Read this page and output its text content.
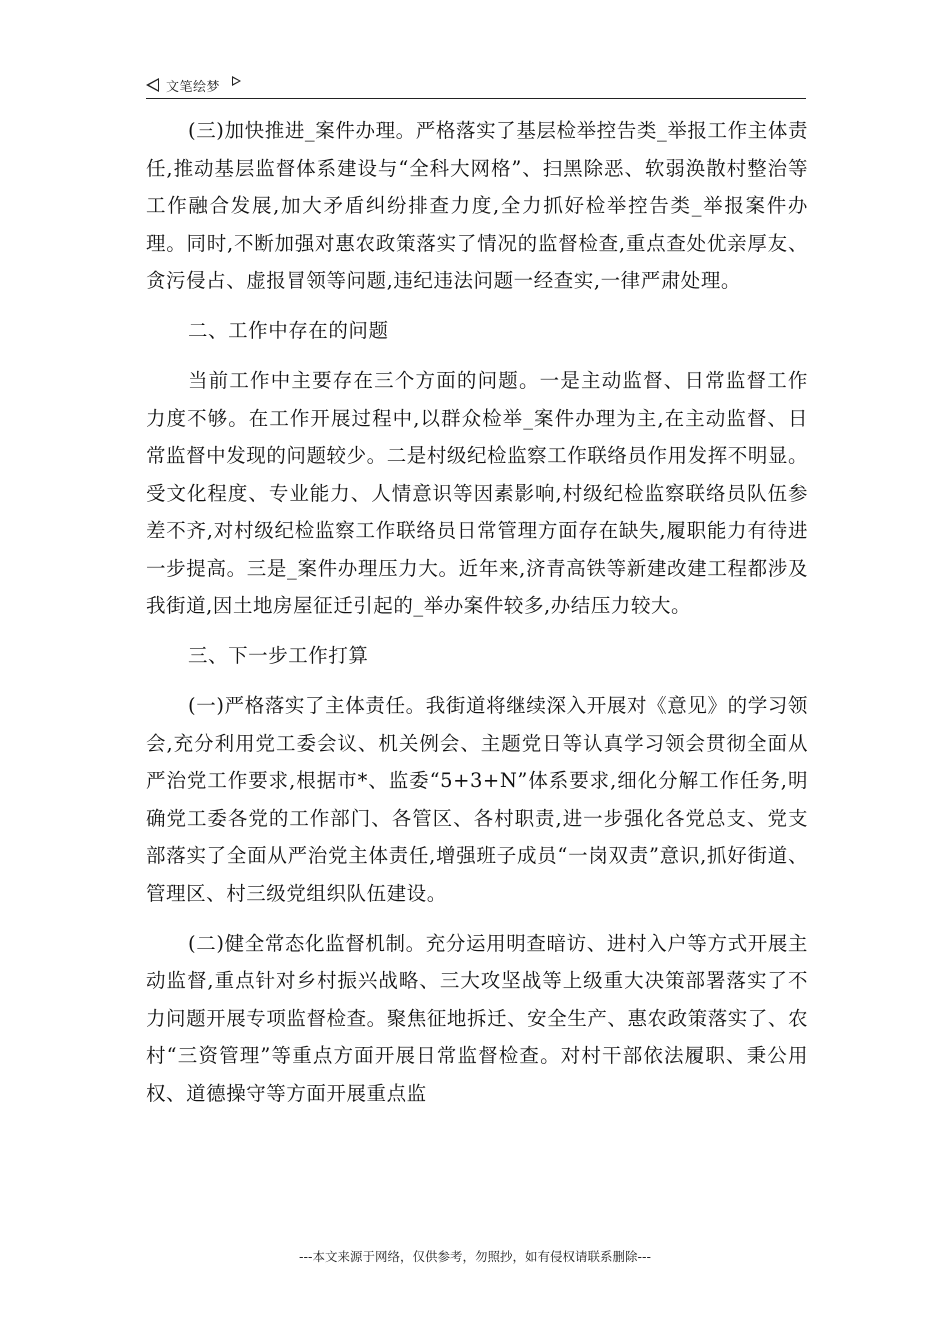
文笔绘梦

(三)加快推进_案件办理。严格落实了基层检举控告类_举报工作主体责任,推动基层监督体系建设与“全科大网格”、扫黑除恶、软弱涣散村整治等工作融合发展,加大矛盾纠纷排查力度,全力抓好检举控告类_举报案件办理。同时,不断加强对惠农政策落实了情况的监督检查,重点查处优亲厚友、贪污侵占、虚报冒领等问题,违纪违法问题一经查实,一律严肃处理。

二、工作中存在的问题

当前工作中主要存在三个方面的问题。一是主动监督、日常监督工作力度不够。在工作开展过程中,以群众检举_案件办理为主,在主动监督、日常监督中发现的问题较少。二是村级纪检监察工作联络员作用发挥不明显。受文化程度、专业能力、人情意识等因素影响,村级纪检监察联络员队伍参差不齐,对村级纪检监察工作联络员日常管理方面存在缺失,履职能力有待进一步提高。三是_案件办理压力大。近年来,济青高铁等新建改建工程都涉及我街道,因土地房屋征迁引起的_举办案件较多,办结压力较大。

三、下一步工作打算

(一)严格落实了主体责任。我街道将继续深入开展对《意见》的学习领会,充分利用党工委会议、机关例会、主题党日等认真学习领会贯彻全面从严治党工作要求,根据市*、监委“5+3+N”体系要求,细化分解工作任务,明确党工委各党的工作部门、各管区、各村职责,进一步强化各党总支、党支部落实了全面从严治党主体责任,增强班子成员“一岗双责”意识,抓好街道、管理区、村三级党组织队伍建设。

(二)健全常态化监督机制。充分运用明查暗访、进村入户等方式开展主动监督,重点针对乡村振兴战略、三大攻坚战等上级重大决策部署落实了不力问题开展专项监督检查。聚焦征地拆迁、安全生产、惠农政策落实了、农村“三资管理”等重点方面开展日常监督检查。对村干部依法履职、秉公用权、道德操守等方面开展重点监

---本文来源于网络，仅供参考，勿照抄，如有侵权请联系删除---
